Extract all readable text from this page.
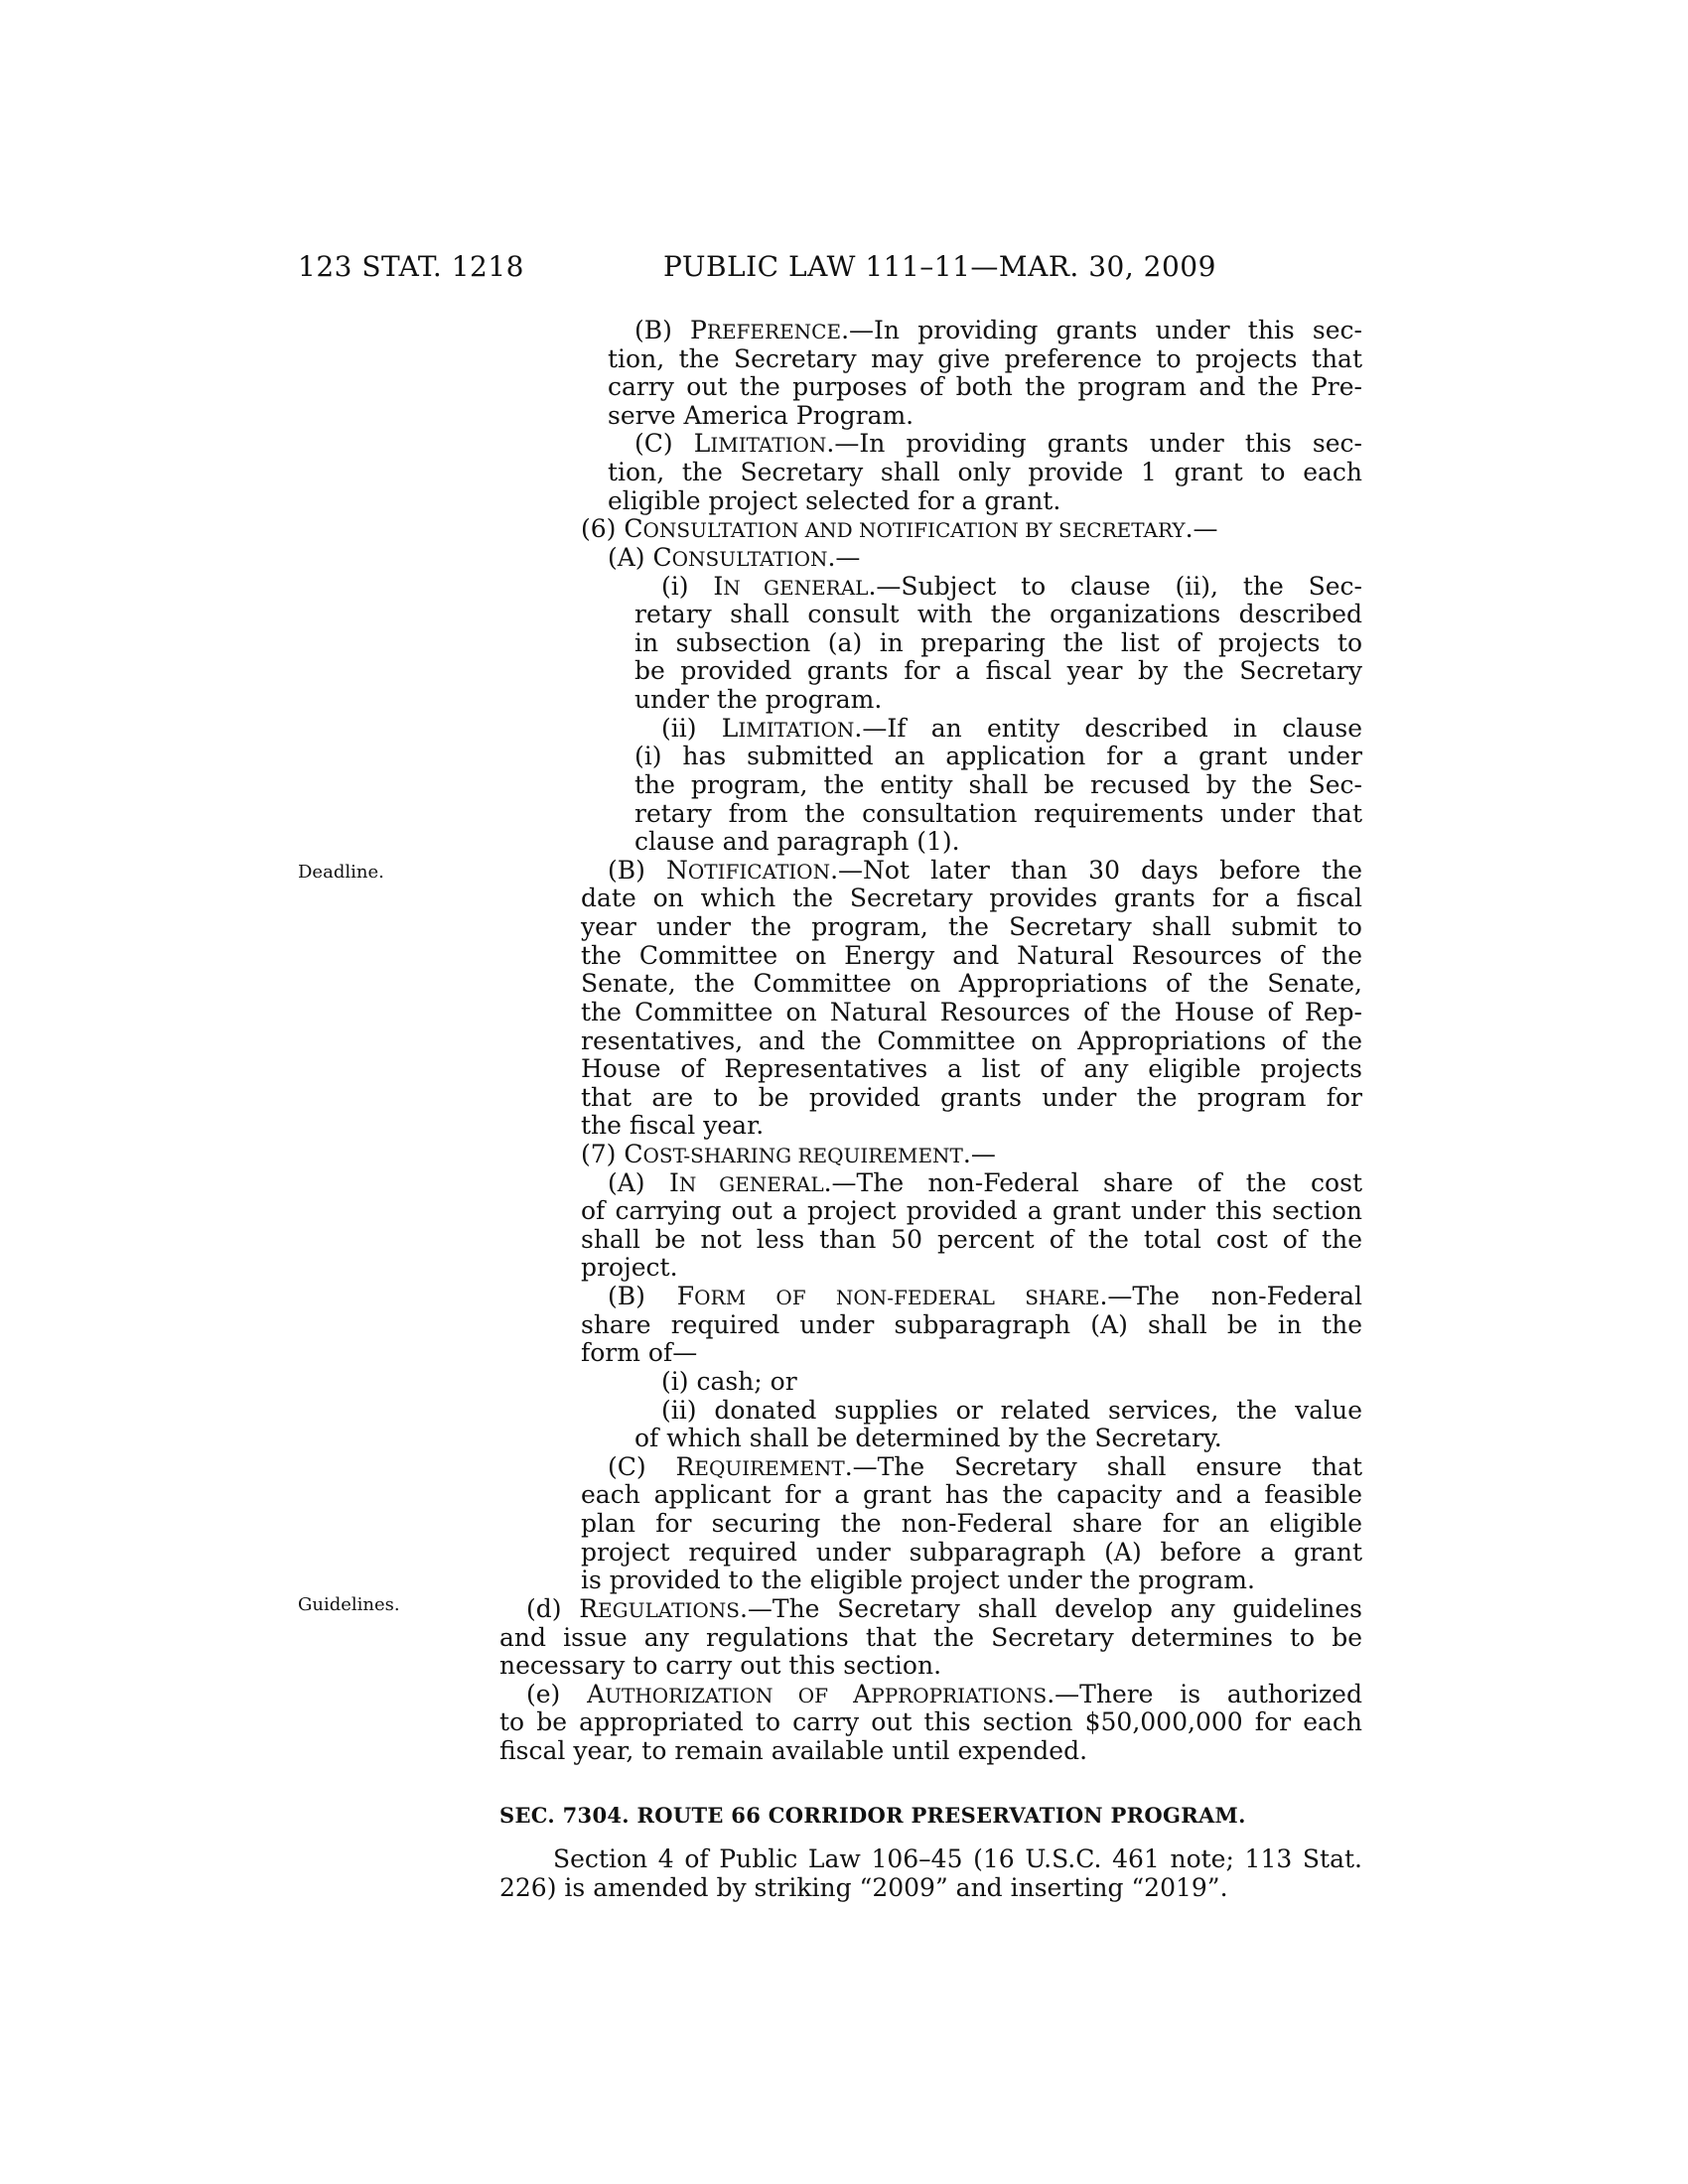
123 STAT. 1218	PUBLIC LAW 111–11—MAR. 30, 2009
Deadline.
Guidelines.
(B) PREFERENCE.—In providing grants under this sec-
tion, the Secretary may give preference to projects that
carry out the purposes of both the program and the Pre-
serve America Program.
(C) LIMITATION.—In providing grants under this sec-
tion, the Secretary shall only provide 1 grant to each
eligible project selected for a grant.
(6) CONSULTATION AND NOTIFICATION BY SECRETARY.—
(A) CONSULTATION.—
(i) IN GENERAL.—Subject to clause (ii), the Sec-
retary shall consult with the organizations described
in subsection (a) in preparing the list of projects to
be provided grants for a fiscal year by the Secretary
under the program.
(ii) LIMITATION.—If an entity described in clause
(i) has submitted an application for a grant under
the program, the entity shall be recused by the Sec-
retary from the consultation requirements under that
clause and paragraph (1).
(B) NOTIFICATION.—Not later than 30 days before the
date on which the Secretary provides grants for a fiscal
year under the program, the Secretary shall submit to
the Committee on Energy and Natural Resources of the
Senate, the Committee on Appropriations of the Senate,
the Committee on Natural Resources of the House of Rep-
resentatives, and the Committee on Appropriations of the
House of Representatives a list of any eligible projects
that are to be provided grants under the program for
the fiscal year.
(7) COST-SHARING REQUIREMENT.—
(A) IN GENERAL.—The non-Federal share of the cost
of carrying out a project provided a grant under this section
shall be not less than 50 percent of the total cost of the
project.
(B) FORM OF NON-FEDERAL SHARE.—The non-Federal
share required under subparagraph (A) shall be in the
form of—
(i) cash; or
(ii) donated supplies or related services, the value
of which shall be determined by the Secretary.
(C) REQUIREMENT.—The Secretary shall ensure that
each applicant for a grant has the capacity and a feasible
plan for securing the non-Federal share for an eligible
project required under subparagraph (A) before a grant
is provided to the eligible project under the program.
(d) REGULATIONS.—The Secretary shall develop any guidelines
and issue any regulations that the Secretary determines to be
necessary to carry out this section.
(e) AUTHORIZATION OF APPROPRIATIONS.—There is authorized
to be appropriated to carry out this section $50,000,000 for each
fiscal year, to remain available until expended.
SEC. 7304. ROUTE 66 CORRIDOR PRESERVATION PROGRAM.
Section 4 of Public Law 106–45 (16 U.S.C. 461 note; 113 Stat.
226) is amended by striking “2009” and inserting “2019”.
